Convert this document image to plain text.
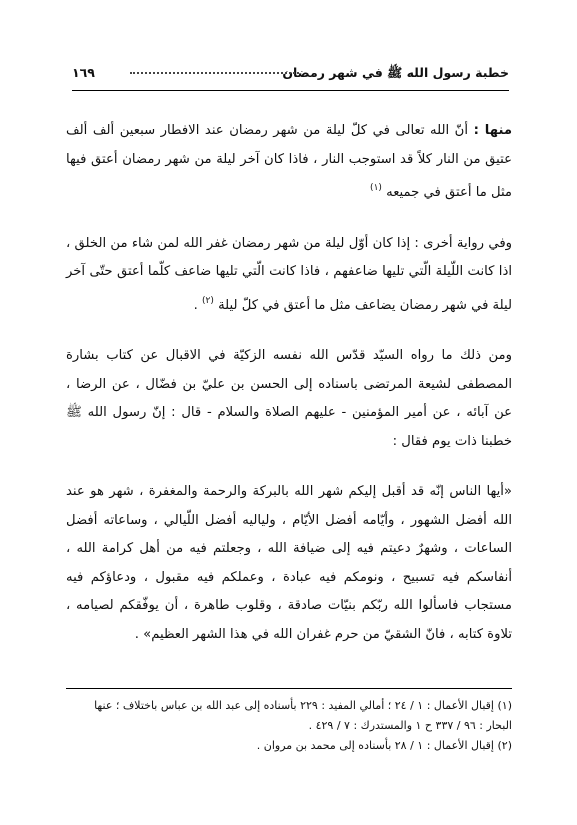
خطبة رسول الله ﷺ في شهر رمضان
١٦٩

منها : أنّ الله تعالى في كلّ ليلة من شهر رمضان عند الافطار سبعين ألف ألف عتيق من النار كلاً قد استوجب النار ، فاذا كان آخر ليلة من شهر رمضان أعتق فيها مثل ما أعتق في جميعه $^{(١)}$

وفي رواية أخرى : إذا كان أوّل ليلة من شهر رمضان غفر الله لمن شاء من الخلق ، اذا كانت اللّيلة الّتي تليها ضاعفهم ، فاذا كانت الّتي تليها ضاعف كلّما أعتق حتّى آخر ليلة في شهر رمضان يضاعف مثل ما أعتق في كلّ ليلة $^{(٢)}$ .

ومن ذلك ما رواه السيّد قدّس الله نفسه الزكيّة في الاقبال عن كتاب بشارة المصطفى لشيعة المرتضى باسناده إلى الحسن بن عليّ بن فضّال ، عن الرضا ، عن آبائه ، عن أمير المؤمنين - عليهم الصلاة والسلام - قال : إنّ رسول الله ﷺ خطبنا ذات يوم فقال :

«أيها الناس إنّه قد أقبل إليكم شهر الله بالبركة والرحمة والمغفرة ، شهر هو عند الله أفضل الشهور ، وأيّامه أفضل الأيّام ، ولياليه أفضل اللّيالي ، وساعاته أفضل الساعات ، وشهرٌ دعيتم فيه إلى ضيافة الله ، وجعلتم فيه من أهل كرامة الله ، أنفاسكم فيه تسبيح ، ونومكم فيه عبادة ، وعملكم فيه مقبول ، ودعاؤكم فيه مستجاب فاسألوا الله ربّكم بنيّات صادقة ، وقلوب طاهرة ، أن يوفّقكم لصيامه ، تلاوة كتابه ، فانّ الشقيّ من حرم غفران الله في هذا الشهر العظيم» .

(١) إقبال الأعمال : ١ / ٢٤ ؛ أمالي المفيد : ٢٢٩ بأسناده إلى عبد الله بن عباس باختلاف ؛ عنها البحار : ٩٦ / ٣٣٧ ح ١ والمستدرك : ٧ / ٤٢٩ .

(٢) إقبال الأعمال : ١ / ٢٨ بأسناده إلى محمد بن مروان .
